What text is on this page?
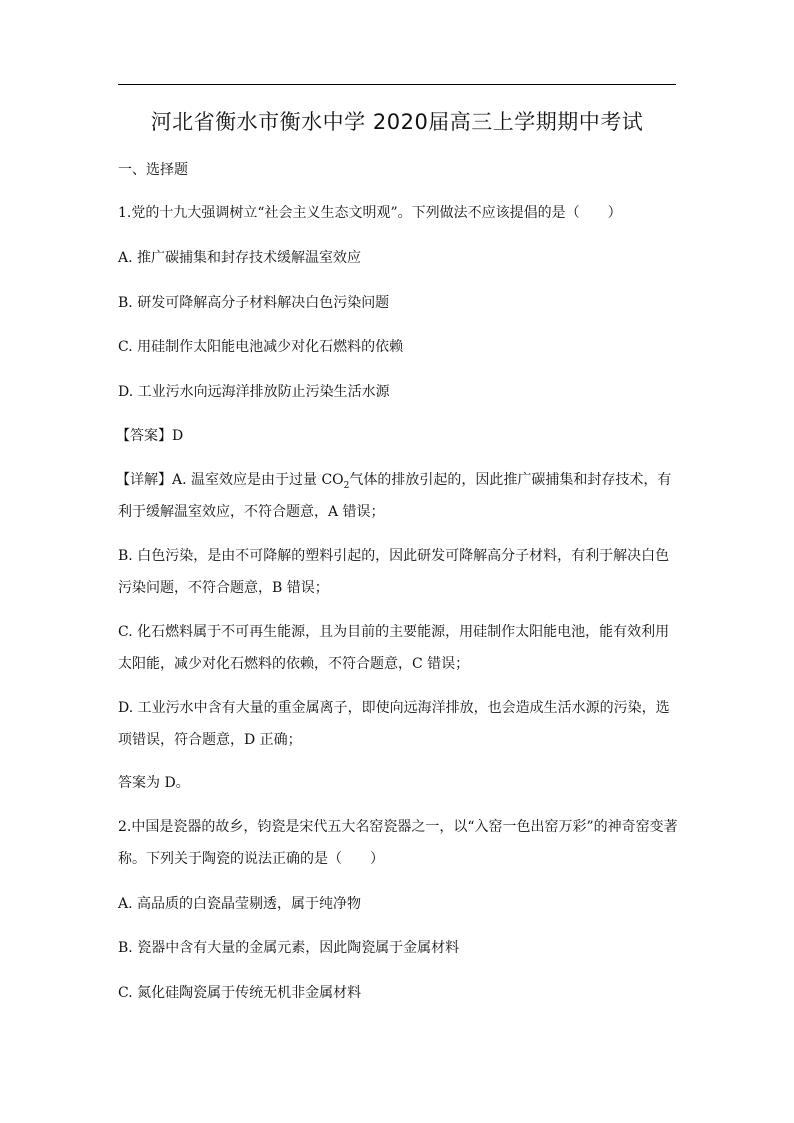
河北省衡水市衡水中学 2020届高三上学期期中考试
一、选择题
1.党的十九大强调树立“社会主义生态文明观”。下列做法不应该提倡的是（　　）
A. 推广碳捕集和封存技术缓解温室效应
B. 研发可降解高分子材料解决白色污染问题
C. 用硅制作太阳能电池减少对化石燃料的依赖
D. 工业污水向远海洋排放防止污染生活水源
【答案】D
【详解】A. 温室效应是由于过量 $CO_2$气体的排放引起的，因此推广碳捕集和封存技术，有
利于缓解温室效应，不符合题意，A 错误；
B. 白色污染，是由不可降解的塑料引起的，因此研发可降解高分子材料，有利于解决白色
污染问题，不符合题意，B 错误；
C. 化石燃料属于不可再生能源，且为目前的主要能源，用硅制作太阳能电池，能有效利用
太阳能，减少对化石燃料的依赖，不符合题意，C 错误；
D. 工业污水中含有大量的重金属离子，即使向远海洋排放，也会造成生活水源的污染，选
项错误，符合题意，D 正确；
答案为 D。
2.中国是瓷器的故乡，钧瓷是宋代五大名窑瓷器之一，以“入窑一色出窑万彩”的神奇窑变著
称。下列关于陶瓷的说法正确的是（　　）
A. 高品质的白瓷晶莹剔透，属于纯净物
B. 瓷器中含有大量的金属元素，因此陶瓷属于金属材料
C. 氮化硅陶瓷属于传统无机非金属材料
